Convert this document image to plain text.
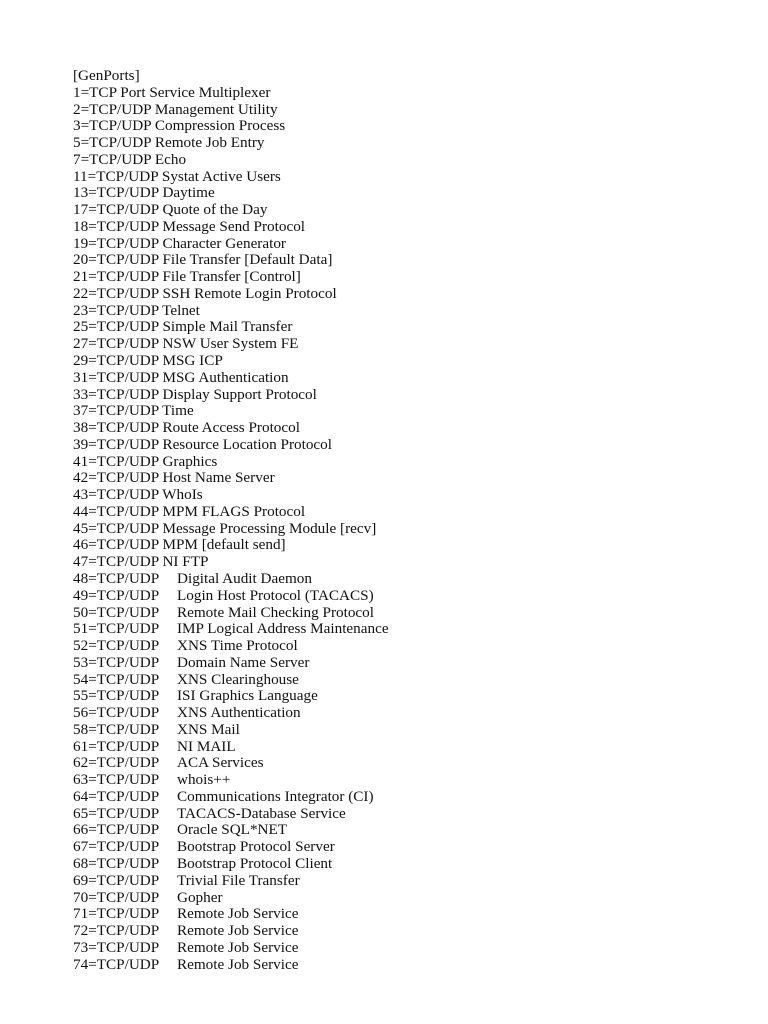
[GenPorts]
1=TCP Port Service Multiplexer
2=TCP/UDP Management Utility
3=TCP/UDP Compression Process
5=TCP/UDP Remote Job Entry
7=TCP/UDP Echo
11=TCP/UDP Systat Active Users
13=TCP/UDP Daytime
17=TCP/UDP Quote of the Day
18=TCP/UDP Message Send Protocol
19=TCP/UDP Character Generator
20=TCP/UDP File Transfer [Default Data]
21=TCP/UDP File Transfer [Control]
22=TCP/UDP SSH Remote Login Protocol
23=TCP/UDP Telnet
25=TCP/UDP Simple Mail Transfer
27=TCP/UDP NSW User System FE
29=TCP/UDP MSG ICP
31=TCP/UDP MSG Authentication
33=TCP/UDP Display Support Protocol
37=TCP/UDP Time
38=TCP/UDP Route Access Protocol
39=TCP/UDP Resource Location Protocol
41=TCP/UDP Graphics
42=TCP/UDP Host Name Server
43=TCP/UDP WhoIs
44=TCP/UDP MPM FLAGS Protocol
45=TCP/UDP Message Processing Module [recv]
46=TCP/UDP MPM [default send]
47=TCP/UDP NI FTP
48=TCP/UDP Digital Audit Daemon
49=TCP/UDP Login Host Protocol (TACACS)
50=TCP/UDP Remote Mail Checking Protocol
51=TCP/UDP IMP Logical Address Maintenance
52=TCP/UDP XNS Time Protocol
53=TCP/UDP Domain Name Server
54=TCP/UDP XNS Clearinghouse
55=TCP/UDP ISI Graphics Language
56=TCP/UDP XNS Authentication
58=TCP/UDP XNS Mail
61=TCP/UDP NI MAIL
62=TCP/UDP ACA Services
63=TCP/UDP whois++
64=TCP/UDP Communications Integrator (CI)
65=TCP/UDP TACACS-Database Service
66=TCP/UDP Oracle SQL*NET
67=TCP/UDP Bootstrap Protocol Server
68=TCP/UDP Bootstrap Protocol Client
69=TCP/UDP Trivial File Transfer
70=TCP/UDP Gopher
71=TCP/UDP Remote Job Service
72=TCP/UDP Remote Job Service
73=TCP/UDP Remote Job Service
74=TCP/UDP Remote Job Service
